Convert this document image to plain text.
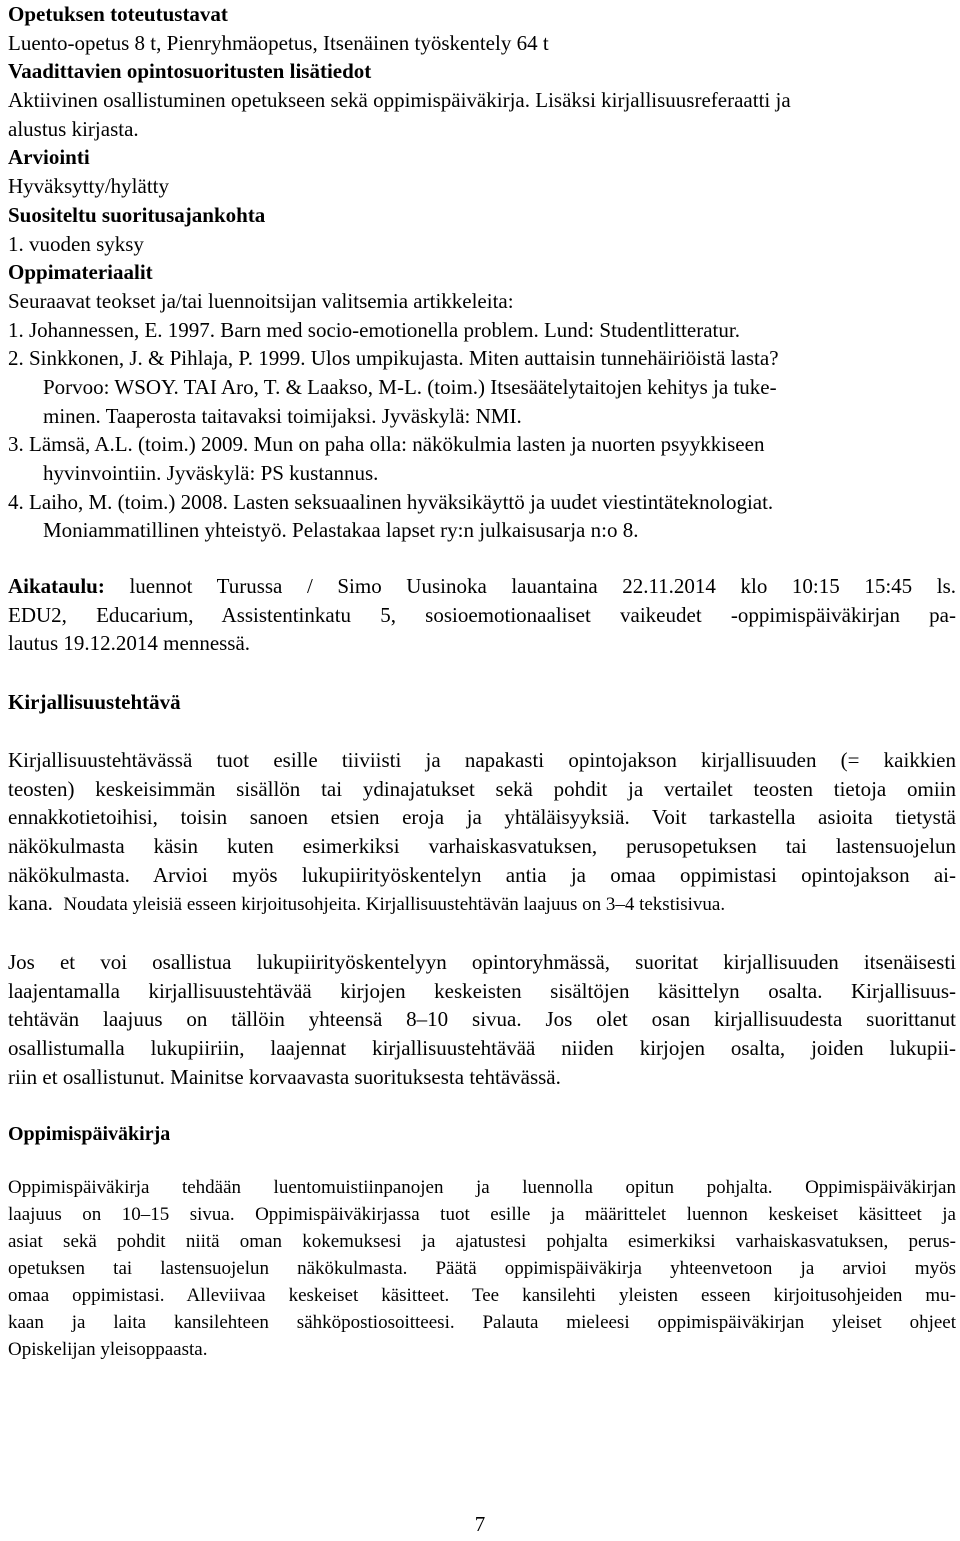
Opetuksen toteutustavat
Luento-opetus 8 t, Pienryhmäopetus, Itsenäinen työskentely 64 t
Vaadittavien opintosuoritusten lisätiedot
Aktiivinen osallistuminen opetukseen sekä oppimispäiväkirja. Lisäksi kirjallisuusreferaatti ja
alustus kirjasta.
Arviointi
Hyväksytty/hylätty
Suositeltu suoritusajankohta
1. vuoden syksy
Oppimateriaalit
Seuraavat teokset ja/tai luennoitsijan valitsemia artikkeleita:
1. Johannessen, E. 1997. Barn med socio-emotionella problem. Lund: Studentlitteratur.
2. Sinkkonen, J. & Pihlaja, P. 1999. Ulos umpikujasta. Miten auttaisin tunnehäiriöistä lasta?
Porvoo: WSOY. TAI Aro, T. & Laakso, M-L. (toim.) Itsesäätelytaitojen kehitys ja tuke-
minen. Taaperosta taitavaksi toimijaksi. Jyväskylä: NMI.
3. Lämsä, A.L. (toim.) 2009. Mun on paha olla: näkökulmia lasten ja nuorten psyykkiseen
hyvinvointiin. Jyväskylä: PS kustannus.
4. Laiho, M. (toim.) 2008. Lasten seksuaalinen hyväksikäyttö ja uudet viestintäteknologiat.
Moniammatillinen yhteistyö. Pelastakaa lapset ry:n julkaisusarja n:o 8.
Aikataulu: luennot Turussa / Simo Uusinoka lauantaina 22.11.2014 klo 10:15 15:45 ls.
EDU2, Educarium, Assistentinkatu 5, sosioemotionaaliset vaikeudet -oppimispäiväkirjan pa-
lautus 19.12.2014 mennessä.
Kirjallisuustehtävä
Kirjallisuustehtävässä tuot esille tiiviisti ja napakasti opintojakson kirjallisuuden (= kaikkien
teosten) keskeisimmän sisällön tai ydinajatukset sekä pohdit ja vertailet teosten tietoja omiin
ennakkotietoihisi, toisin sanoen etsien eroja ja yhtäläisyyksiä. Voit tarkastella asioita tietystä
näkökulmasta käsin kuten esimerkiksi varhaiskasvatuksen, perusopetuksen tai lastensuojelun
näkökulmasta. Arvioi myös lukupiirityöskentelyn antia ja omaa oppimistasi opintojakson ai-
kana. Noudata yleisiä esseen kirjoitusohjeita. Kirjallisuustehtävän laajuus on 3–4 tekstisivua.
Jos et voi osallistua lukupiirityöskentelyyn opintoryhmässä, suoritat kirjallisuuden itsenäisesti
laajentamalla kirjallisuustehtävää kirjojen keskeisten sisältöjen käsittelyn osalta. Kirjallisuus-
tehtävän laajuus on tällöin yhteensä 8–10 sivua. Jos olet osan kirjallisuudesta suorittanut
osallistumalla lukupiiriin, laajennat kirjallisuustehtävää niiden kirjojen osalta, joiden lukupii-
riin et osallistunut. Mainitse korvaavasta suorituksesta tehtävässä.
Oppimispäiväkirja
Oppimispäiväkirja tehdään luentomuistiinpanojen ja luennolla opitun pohjalta. Oppimispäiväkirjan
laajuus on 10–15 sivua. Oppimispäiväkirjassa tuot esille ja määrittelet luennon keskeiset käsitteet ja
asiat sekä pohdit niitä oman kokemuksesi ja ajatustesi pohjalta esimerkiksi varhaiskasvatuksen, perus-
opetuksen tai lastensuojelun näkökulmasta. Päätä oppimispäiväkirja yhteenvetoon ja arvioi myös
omaa oppimistasi. Alleviivaa keskeiset käsitteet. Tee kansilehti yleisten esseen kirjoitusohjeiden mu-
kaan ja laita kansilehteen sähköpostiosoitteesi. Palauta mieleesi oppimispäiväkirjan yleiset ohjeet
Opiskelijan yleisoppaasta.
7
